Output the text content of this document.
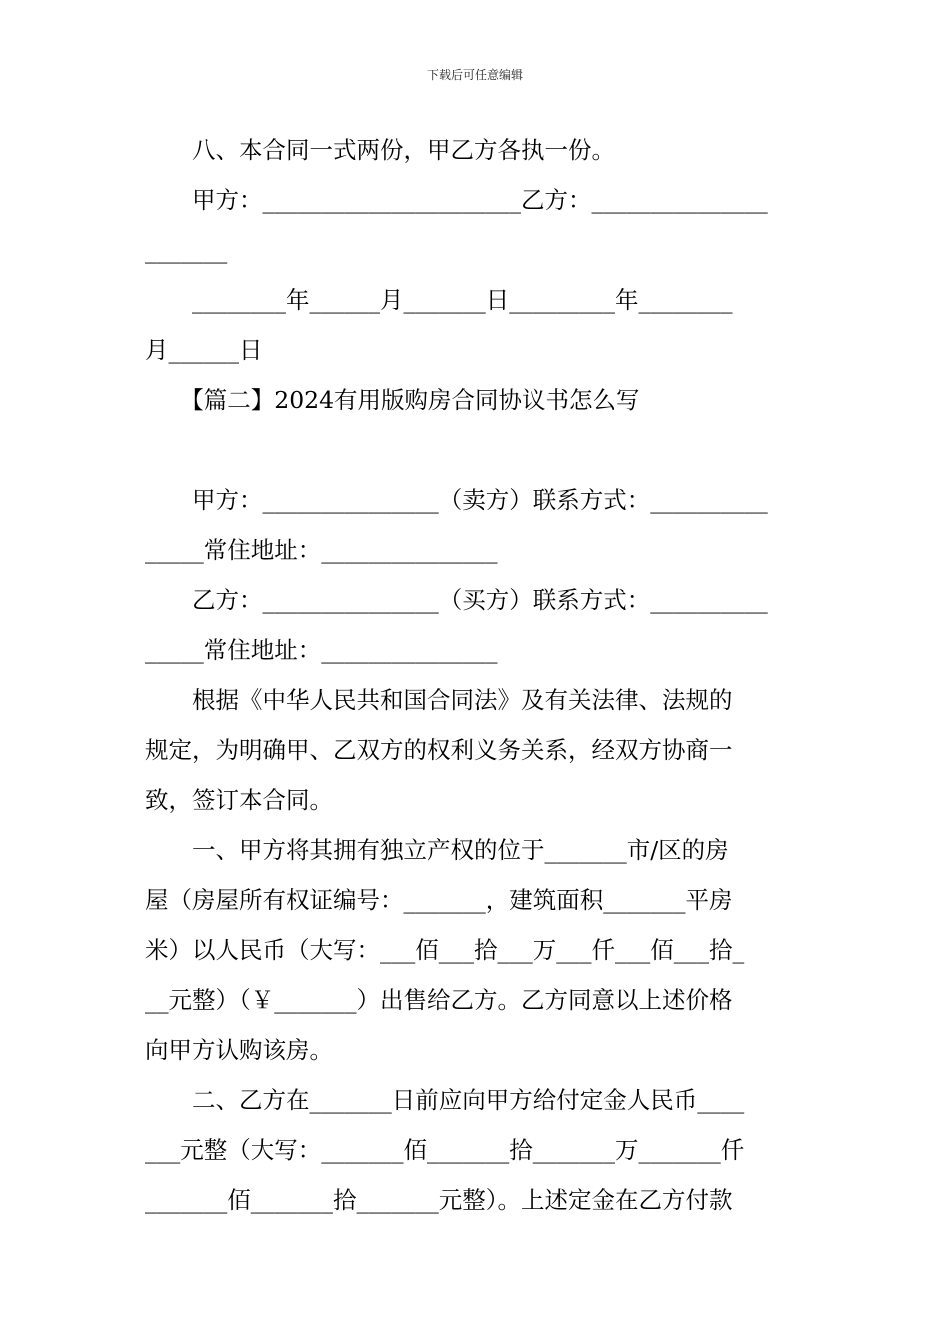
下载后可任意编辑
　　八、本合同一式两份，甲乙方各执一份。
　　甲方：______________________乙方：_______________
_______
　　________年______月_______日_________年________
月______日
　　【篇二】2024有用版购房合同协议书怎么写
　　甲方：_______________（卖方）联系方式：__________
_____常住地址：_______________
　　乙方：_______________（买方）联系方式：__________
_____常住地址：_______________
　　根据《中华人民共和国合同法》及有关法律、法规的
规定，为明确甲、乙双方的权利义务关系，经双方协商一
致，签订本合同。
　　一、甲方将其拥有独立产权的位于_______市/区的房
屋（房屋所有权证编号：_______，建筑面积_______平房
米）以人民币（大写：___佰___拾___万___仟___佰___拾_
__元整）（￥_______）出售给乙方。乙方同意以上述价格
向甲方认购该房。
　　二、乙方在_______日前应向甲方给付定金人民币____
___元整（大写：_______佰_______拾_______万_______仟
_______佰_______拾_______元整）。上述定金在乙方付款
